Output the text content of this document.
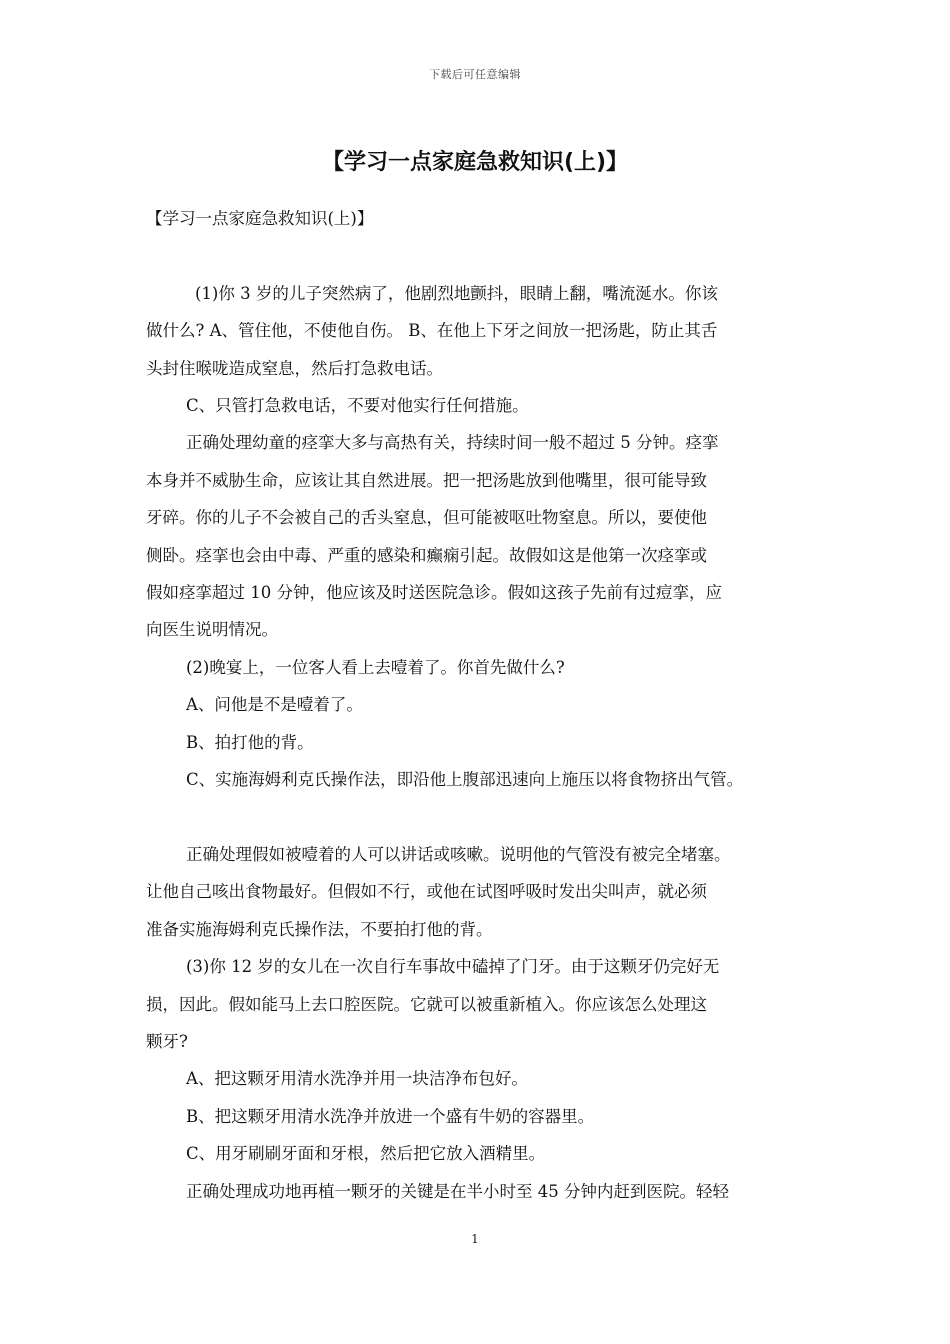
下载后可任意编辑
【学习一点家庭急救知识(上)】

【学习一点家庭急救知识(上)】

(1)你 3 岁的儿子突然病了，他剧烈地颤抖，眼睛上翻，嘴流涎水。你该

做什么? A、管住他，不使他自伤。 B、在他上下牙之间放一把汤匙，防止其舌

头封住喉咙造成窒息，然后打急救电话。

C、只管打急救电话，不要对他实行任何措施。

正确处理幼童的痉挛大多与高热有关，持续时间一般不超过 5 分钟。痉挛

本身并不威胁生命，应该让其自然进展。把一把汤匙放到他嘴里，很可能导致

牙碎。你的儿子不会被自己的舌头窒息，但可能被呕吐物窒息。所以，要使他

侧卧。痉挛也会由中毒、严重的感染和癫痫引起。故假如这是他第一次痉挛或

假如痉挛超过 10 分钟，他应该及时送医院急诊。假如这孩子先前有过痘挛，应

向医生说明情况。

(2)晚宴上，一位客人看上去噎着了。你首先做什么?

A、问他是不是噎着了。

B、拍打他的背。

C、实施海姆利克氏操作法，即沿他上腹部迅速向上施压以将食物挤出气管。

正确处理假如被噎着的人可以讲话或咳嗽。说明他的气管没有被完全堵塞。

让他自己咳出食物最好。但假如不行，或他在试图呼吸时发出尖叫声，就必须

准备实施海姆利克氏操作法，不要拍打他的背。

(3)你 12 岁的女儿在一次自行车事故中磕掉了门牙。由于这颗牙仍完好无

损，因此。假如能马上去口腔医院。它就可以被重新植入。你应该怎么处理这

颗牙?

A、把这颗牙用清水洗净并用一块洁净布包好。

B、把这颗牙用清水洗净并放进一个盛有牛奶的容器里。

C、用牙刷刷牙面和牙根，然后把它放入酒精里。

正确处理成功地再植一颗牙的关键是在半小时至 45 分钟内赶到医院。轻轻

1
